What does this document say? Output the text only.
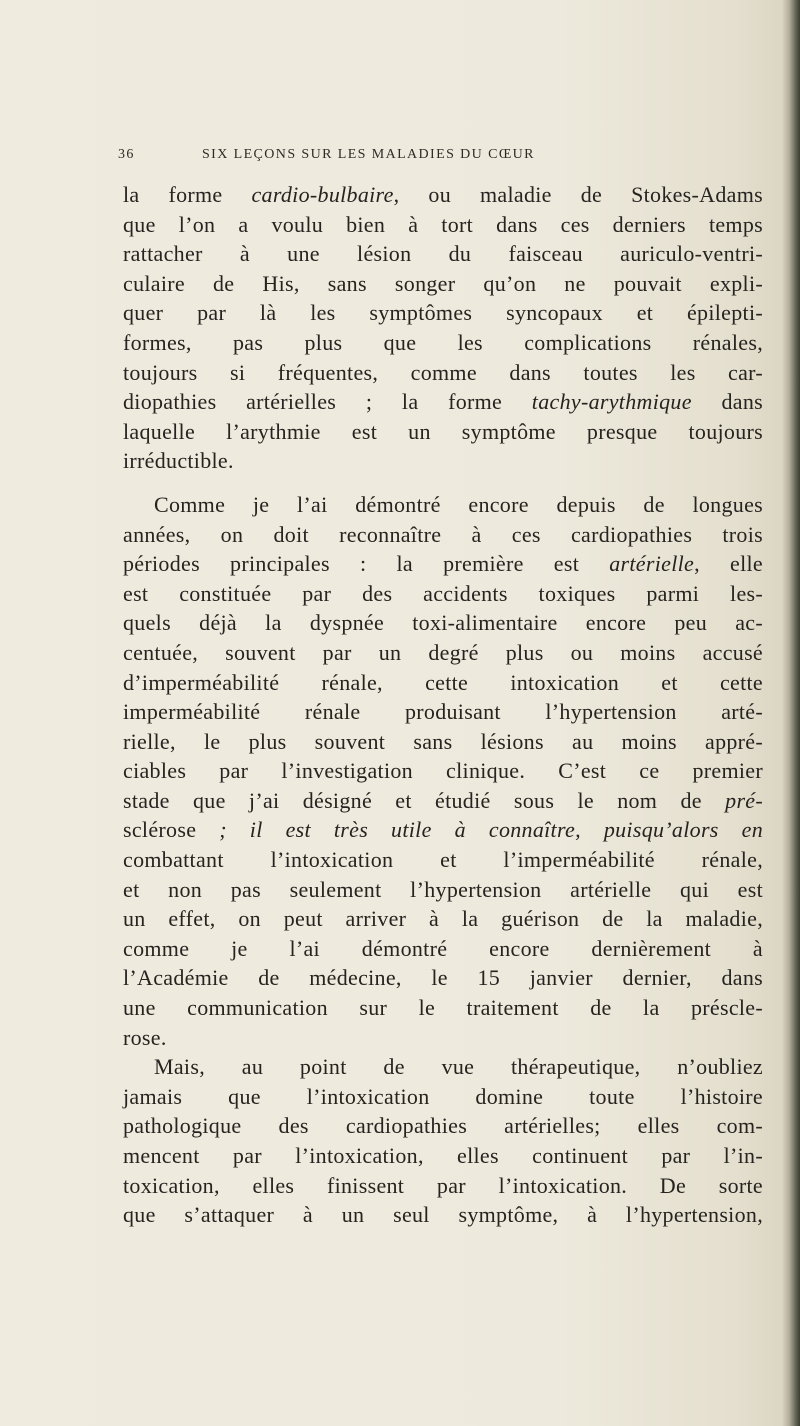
36	SIX LEÇONS SUR LES MALADIES DU CŒUR
la forme cardio-bulbaire, ou maladie de Stokes-Adams
que l’on a voulu bien à tort dans ces derniers temps
rattacher à une lésion du faisceau auriculo-ventri-
culaire de His, sans songer qu’on ne pouvait expli-
quer par là les symptômes syncopaux et épilepti-
formes, pas plus que les complications rénales,
toujours si fréquentes, comme dans toutes les car-
diopathies artérielles ; la forme tachy-arythmique dans
laquelle l’arythmie est un symptôme presque toujours
irréductible.
Comme je l’ai démontré encore depuis de longues
années, on doit reconnaître à ces cardiopathies trois
périodes principales : la première est artérielle, elle
est constituée par des accidents toxiques parmi les-
quels déjà la dyspnée toxi-alimentaire encore peu ac-
centuée, souvent par un degré plus ou moins accusé
d’imperméabilité rénale, cette intoxication et cette
imperméabilité rénale produisant l’hypertension arté-
rielle, le plus souvent sans lésions au moins appré-
ciables par l’investigation clinique. C’est ce premier
stade que j’ai désigné et étudié sous le nom de pré-
sclérose ; il est très utile à connaître, puisqu’alors en
combattant l’intoxication et l’imperméabilité rénale,
et non pas seulement l’hypertension artérielle qui est
un effet, on peut arriver à la guérison de la maladie,
comme je l’ai démontré encore dernièrement à
l’Académie de médecine, le 15 janvier dernier, dans
une communication sur le traitement de la préscle-
rose.
Mais, au point de vue thérapeutique, n’oubliez
jamais que l’intoxication domine toute l’histoire
pathologique des cardiopathies artérielles; elles com-
mencent par l’intoxication, elles continuent par l’in-
toxication, elles finissent par l’intoxication. De sorte
que s’attaquer à un seul symptôme, à l’hypertension,
